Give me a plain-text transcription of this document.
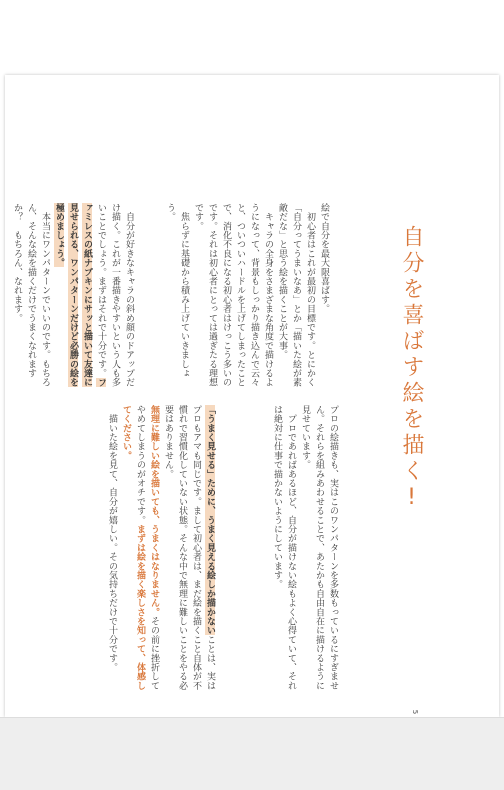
自分を喜ばす絵を描く!

プロの絵描きも、実はこのワンパターンを多数もっているにすぎません。それらを組みあわせることで、あたかも自由自在に描けるように見せています。

　プロであればあるほど、自分が描けない絵もよく心得ていて、それは絶対に仕事で描かないようにしています。

「うまく見せる」ために、うまく見える絵しか描かないことは、実はプロもアマも同じです。まして初心者は、まだ絵を描くこと自体が不慣れで習慣化していない状態。そんな中で無理に難しいことをやる必要はありません。

無理に難しい絵を描いても、うまくはなりません。その前に挫折してやめてしまうのがオチです。まずは絵を描く楽しさを知って、体感してください。

　描いた絵を見て、自分が嬉しい。その気持ちだけで十分です。

絵で自分を最大限喜ばす。

　初心者はこれが最初の目標です。とにかく「自分ってうまいなあ」とか「描いた絵が素敵だな」と思う絵を描くことが大事。

　キャラの全身をさまざまな角度で描けるようになって、背景もしっかり描き込んで云々と、ついついハードルを上げてしまったことで、消化不良になる初心者はけっこう多いのです。それは初心者にとっては過ぎたる理想です。

　焦らずに基礎から積み上げていきましょう。

　自分が好きなキャラの斜め顔のドアップだけ描く。これが一番描きやすいという人も多いことでしょう。まずはそれで十分です。ファミレスの紙ナプキンにサッと描いて友達に見せられる、ワンパターンだけど必勝の絵を極めましょう。

　本当にワンパターンでいいのです。もちろん、そんな絵を描くだけでうまくなれますか？　もちろん、なれます。

5
